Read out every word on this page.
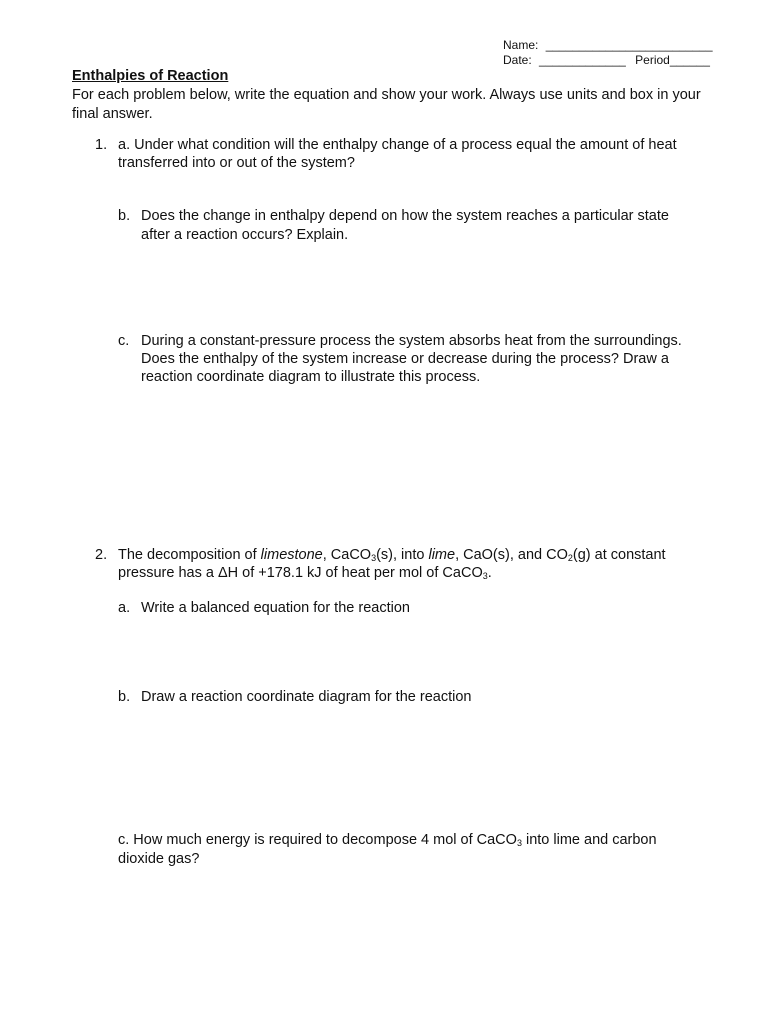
Name: _________________________
Date: _____________ Period______
Enthalpies of Reaction
For each problem below, write the equation and show your work. Always use units and box in your final answer.
1. a. Under what condition will the enthalpy change of a process equal the amount of heat
transferred into or out of the system?
b. Does the change in enthalpy depend on how the system reaches a particular state
after a reaction occurs? Explain.
c. During a constant-pressure process the system absorbs heat from the surroundings.
Does the enthalpy of the system increase or decrease during the process? Draw a
reaction coordinate diagram to illustrate this process.
2. The decomposition of limestone, CaCO$_3$(s), into lime, CaO(s), and $CO_2(g)$ at constant
pressure has a ΔH of +178.1 kJ of heat per mol of CaCO$_3$.
a. Write a balanced equation for the reaction
b. Draw a reaction coordinate diagram for the reaction
c. How much energy is required to decompose 4 mol of CaCO$_3$ into lime and carbon
dioxide gas?
